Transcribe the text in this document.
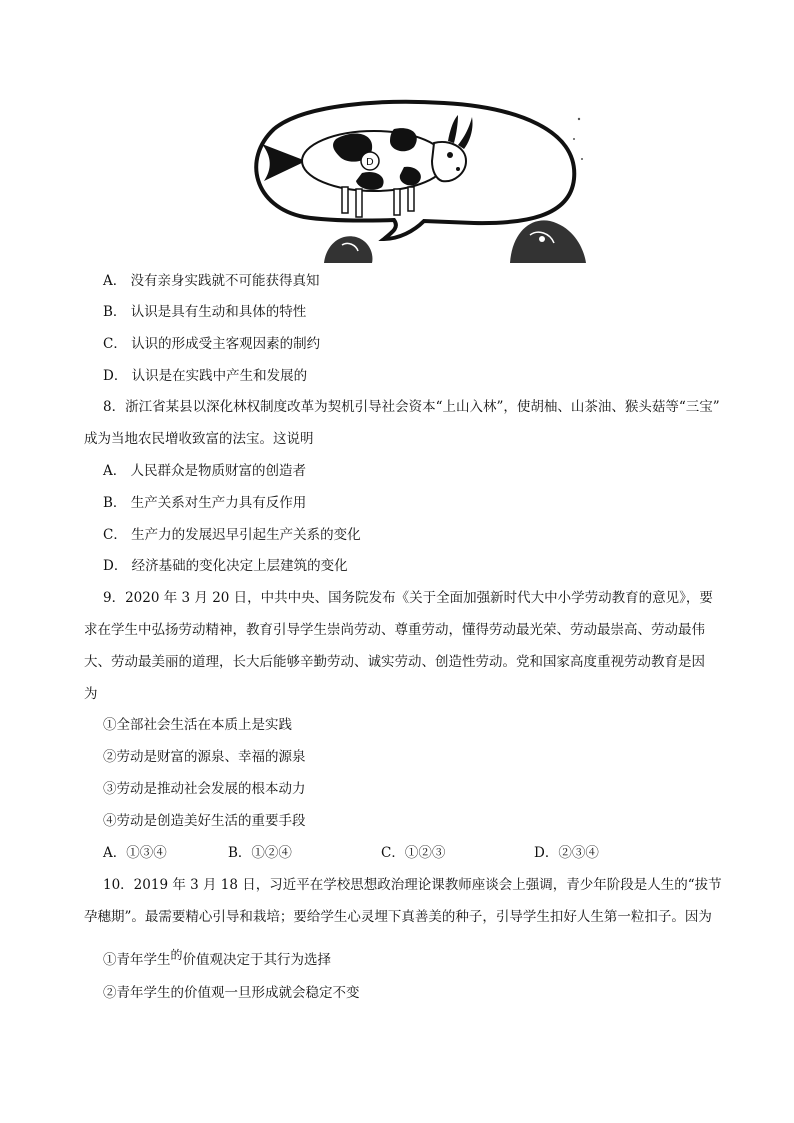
D
A． 没有亲身实践就不可能获得真知
B． 认识是具有生动和具体的特性
C． 认识的形成受主客观因素的制约
D． 认识是在实践中产生和发展的
8．浙江省某县以深化林权制度改革为契机引导社会资本“上山入林”，使胡柚、山茶油、猴头菇等“三宝”
成为当地农民增收致富的法宝。这说明
A． 人民群众是物质财富的创造者
B． 生产关系对生产力具有反作用
C． 生产力的发展迟早引起生产关系的变化
D． 经济基础的变化决定上层建筑的变化
9．2020 年 3 月 20 日，中共中央、国务院发布《关于全面加强新时代大中小学劳动教育的意见》，要
求在学生中弘扬劳动精神，教育引导学生崇尚劳动、尊重劳动，懂得劳动最光荣、劳动最崇高、劳动最伟
大、劳动最美丽的道理，长大后能够辛勤劳动、诚实劳动、创造性劳动。党和国家高度重视劳动教育是因
为
①全部社会生活在本质上是实践
②劳动是财富的源泉、幸福的源泉
③劳动是推动社会发展的根本动力
④劳动是创造美好生活的重要手段
A．①③④	B．①②④	C．①②③	D．②③④
10．2019 年 3 月 18 日，习近平在学校思想政治理论课教师座谈会上强调，青少年阶段是人生的“拔节
孕穗期”。最需要精心引导和栽培；要给学生心灵埋下真善美的种子，引导学生扣好人生第一粒扣子。因为
①青年学生的价值观决定于其行为选择
②青年学生的价值观一旦形成就会稳定不变
